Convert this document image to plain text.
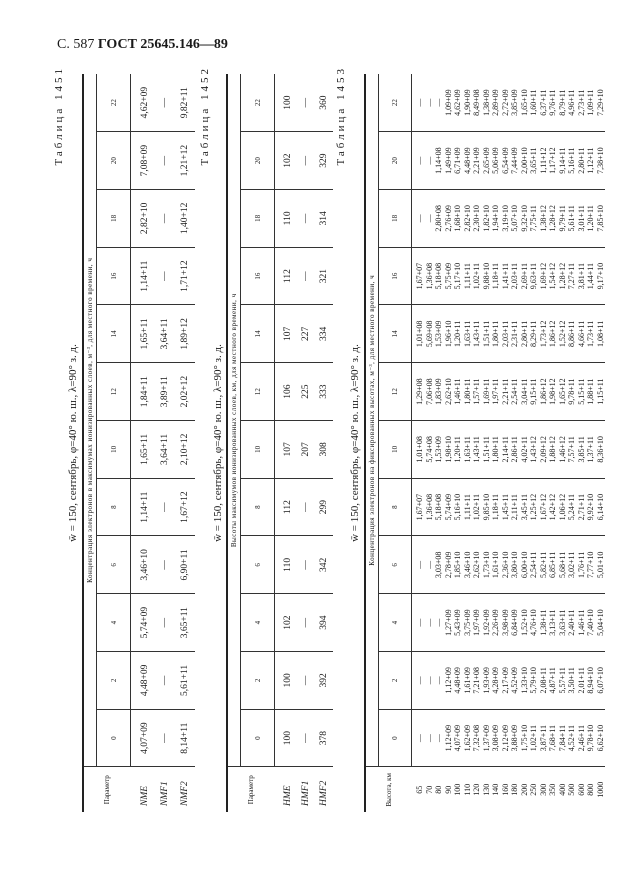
С. 587 ГОСТ 25645.146—89
Таблица 1451
w̄ = 150, сентябрь, φ=40° ю. ш., λ=90° з. д.
Параметр	Концентрация электронов в максимумах ионизированных слоев, м⁻³, для местного времени, ч											
	0	2	4	6	8	10	12	14	16	18	20	22
NME	4,07+09	4,48+09	5,74+09	3,46+10	1,14+11	1,65+11	1,84+11	1,65+11	1,14+11	2,82+10	7,08+09	4,62+09
NMF1	—	—	—	—	—	3,64+11	3,89+11	3,64+11	—	—	—	—
NMF2	8,14+11	5,61+11	3,65+11	6,90+11	1,67+12	2,10+12	2,02+12	1,89+12	1,71+12	1,40+12	1,21+12	9,82+11 Таблица 1452
w̄ = 150, сентябрь, φ=40° ю. ш., λ=90° з. д.
Параметр	Высоты максимумов ионизированных слоев, км, для местного времени, ч											
	0	2	4	6	8	10	12	14	16	18	20	22
HME	100	100	102	110	112	107	106	107	112	110	102	100
HMF1	—	—	—	—	—	207	225	227	—	—	—	—
HMF2	378	392	394	342	299	308	333	334	321	314	329	360 Таблица 1453
w̄ = 150, сентябрь, φ=40° ю. ш., λ=90° з. д.
Высота, км	Концентрация электронов на фиксированных высотах, м⁻³, для местного времени, ч											
	0	2	4	6	8	10	12	14	16	18	20	22
65	—	—	—	—	1,67+07	1,01+08	1,29+08	1,01+08	1,67+07	—	—	—
70	—	—	—	—	1,36+08	5,74+08	7,06+08	5,69+08	1,36+08	—	—	—
80	—	—	—	3,03+08	5,18+08	1,53+09	1,83+09	1,53+09	5,18+08	2,80+08	1,14+08	—
90	1,12+09	1,12+09	1,27+09	2,78+09	5,74+09	1,98+10	2,62+10	1,96+10	5,75+09	2,76+09	1,49+09	1,09+09
100	4,07+09	4,48+09	5,43+09	1,85+10	5,16+10	1,20+11	1,46+11	1,20+11	5,17+10	1,68+10	6,71+09	4,62+09
110	1,62+09	1,61+09	3,75+09	3,46+10	1,11+11	1,63+11	1,80+11	1,63+11	1,11+11	2,82+10	4,48+09	1,90+09
120	7,32+08	7,21+08	1,97+09	2,62+10	1,02+11	1,43+11	1,57+11	1,43+11	1,02+11	2,30+10	2,21+09	8,49+08
130	1,37+09	1,93+09	1,92+09	1,73+10	9,85+10	1,51+11	1,69+11	1,51+11	9,88+10	1,82+10	2,65+09	1,38+09
140	3,08+09	4,28+09	2,26+09	1,61+10	1,18+11	1,80+11	1,97+11	1,80+11	1,18+11	1,94+10	5,06+09	2,89+09
160	2,12+09	2,17+09	3,98+09	2,36+10	1,45+11	2,14+11	2,21+11	2,03+11	1,41+11	3,19+10	6,54+09	2,72+09
180	3,88+09	4,52+09	6,84+09	3,80+10	2,11+11	2,86+11	2,54+11	2,31+11	2,03+11	5,07+10	7,44+09	3,85+09
200	1,75+10	1,33+10	1,52+10	6,00+10	3,45+11	4,02+11	3,04+11	2,80+11	2,69+11	9,32+10	2,00+10	1,65+10
250	1,02+11	5,79+10	4,76+10	2,54+11	1,25+12	1,43+12	9,15+11	8,29+11	9,63+11	7,75+11	3,65+11	1,60+11
300	3,87+11	2,08+11	1,38+11	5,82+11	1,67+12	2,09+12	1,86+12	1,73+12	1,69+12	1,38+12	1,11+12	6,37+11
350	7,68+11	4,87+11	3,13+11	6,85+11	1,42+12	1,88+12	1,98+12	1,86+12	1,54+12	1,28+12	1,17+12	9,76+11
400	7,84+11	5,57+11	3,63+11	5,68+11	1,06+12	1,46+12	1,65+12	1,52+12	1,28+12	9,79+11	9,14+11	8,79+11
500	4,52+11	3,50+11	2,40+11	3,02+11	5,24+11	7,57+11	9,78+11	8,86+11	7,27+11	5,61+11	5,16+11	4,96+11
600	2,46+11	2,01+11	1,46+11	1,76+11	2,71+11	3,85+11	5,15+11	4,66+11	3,81+11	3,01+11	2,80+11	2,73+11
800	9,78+10	8,94+10	7,40+10	7,77+10	9,92+10	1,37+11	1,88+11	1,73+11	1,44+11	1,20+11	1,12+11	1,09+11
1000	6,62+10	6,07+10	5,04+10	5,01+10	6,14+10	8,36+10	1,15+11	1,08+11	9,17+10	7,85+10	7,38+10	7,29+10
